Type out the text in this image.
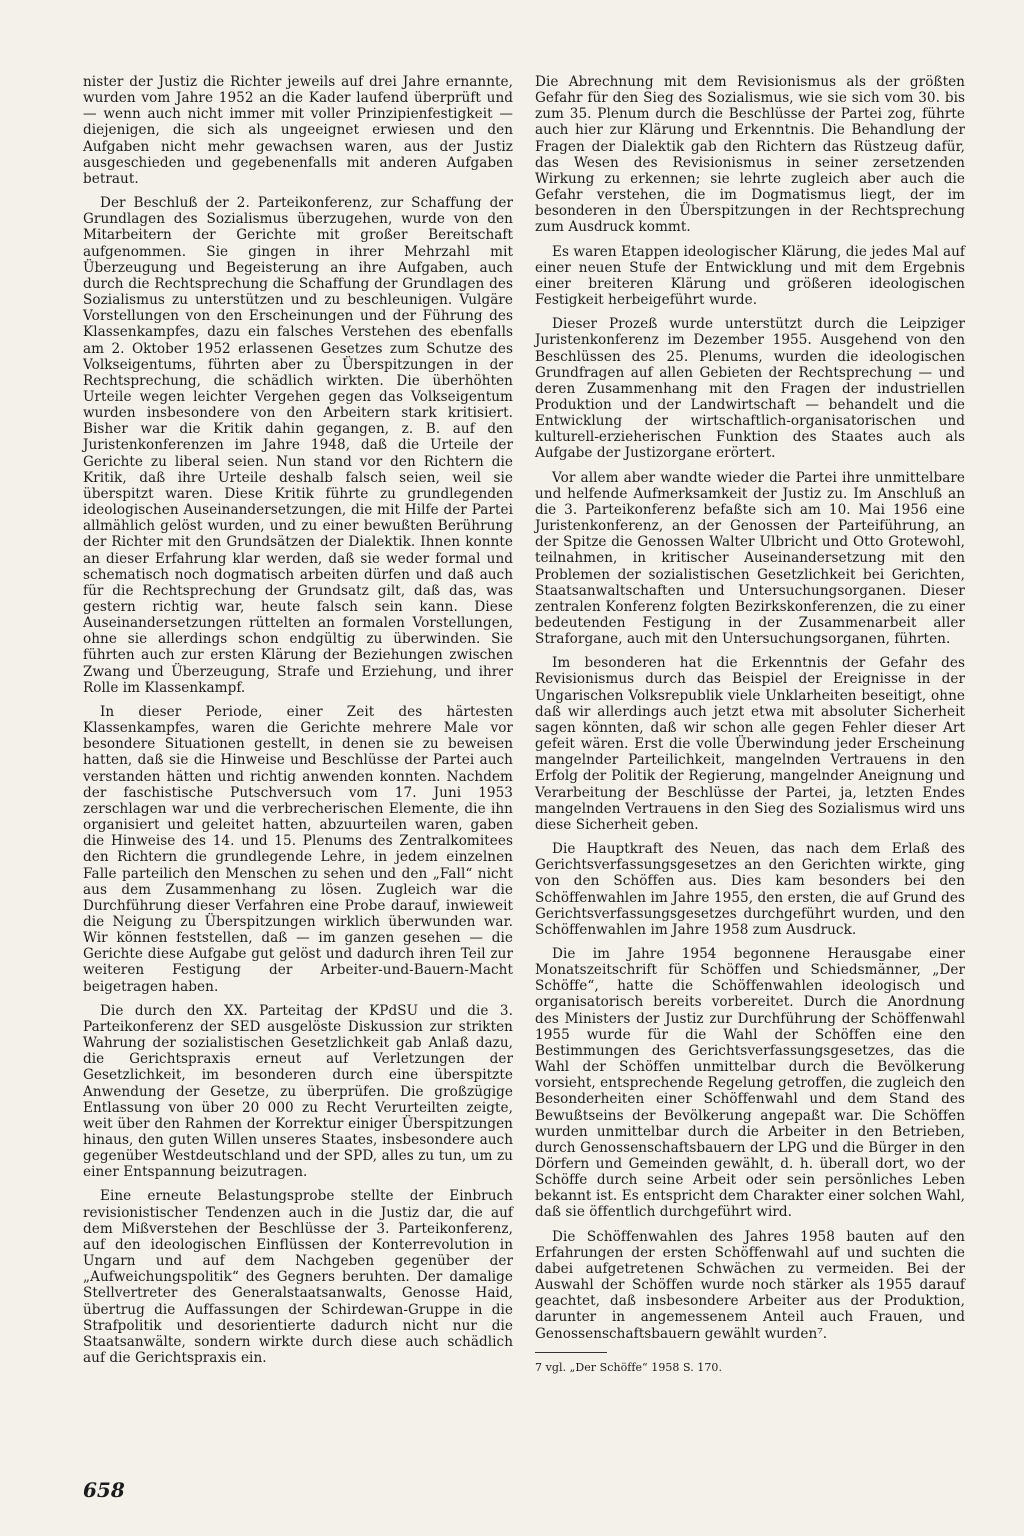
nister der Justiz die Richter jeweils auf drei Jahre ernannte, wurden vom Jahre 1952 an die Kader laufend überprüft und — wenn auch nicht immer mit voller Prinzipienfestigkeit — diejenigen, die sich als ungeeignet erwiesen und den Aufgaben nicht mehr gewachsen waren, aus der Justiz ausgeschieden und gegebenenfalls mit anderen Aufgaben betraut.

Der Beschluß der 2. Parteikonferenz, zur Schaffung der Grundlagen des Sozialismus überzugehen, wurde von den Mitarbeitern der Gerichte mit großer Bereitschaft aufgenommen. Sie gingen in ihrer Mehrzahl mit Überzeugung und Begeisterung an ihre Aufgaben, auch durch die Rechtsprechung die Schaffung der Grundlagen des Sozialismus zu unterstützen und zu beschleunigen. Vulgäre Vorstellungen von den Erscheinungen und der Führung des Klassenkampfes, dazu ein falsches Verstehen des ebenfalls am 2. Oktober 1952 erlassenen Gesetzes zum Schutze des Volkseigentums, führten aber zu Überspitzungen in der Rechtsprechung, die schädlich wirkten. Die überhöhten Urteile wegen leichter Vergehen gegen das Volkseigentum wurden insbesondere von den Arbeitern stark kritisiert. Bisher war die Kritik dahin gegangen, z. B. auf den Juristenkonferenzen im Jahre 1948, daß die Urteile der Gerichte zu liberal seien. Nun stand vor den Richtern die Kritik, daß ihre Urteile deshalb falsch seien, weil sie überspitzt waren. Diese Kritik führte zu grundlegenden ideologischen Auseinandersetzungen, die mit Hilfe der Partei allmählich gelöst wurden, und zu einer bewußten Berührung der Richter mit den Grundsätzen der Dialektik. Ihnen konnte an dieser Erfahrung klar werden, daß sie weder formal und schematisch noch dogmatisch arbeiten dürfen und daß auch für die Rechtsprechung der Grundsatz gilt, daß das, was gestern richtig war, heute falsch sein kann. Diese Auseinandersetzungen rüttelten an formalen Vorstellungen, ohne sie allerdings schon endgültig zu überwinden. Sie führten auch zur ersten Klärung der Beziehungen zwischen Zwang und Überzeugung, Strafe und Erziehung, und ihrer Rolle im Klassenkampf.

In dieser Periode, einer Zeit des härtesten Klassenkampfes, waren die Gerichte mehrere Male vor besondere Situationen gestellt, in denen sie zu beweisen hatten, daß sie die Hinweise und Beschlüsse der Partei auch verstanden hätten und richtig anwenden konnten. Nachdem der faschistische Putschversuch vom 17. Juni 1953 zerschlagen war und die verbrecherischen Elemente, die ihn organisiert und geleitet hatten, abzuurteilen waren, gaben die Hinweise des 14. und 15. Plenums des Zentralkomitees den Richtern die grundlegende Lehre, in jedem einzelnen Falle parteilich den Menschen zu sehen und den „Fall“ nicht aus dem Zusammenhang zu lösen. Zugleich war die Durchführung dieser Verfahren eine Probe darauf, inwieweit die Neigung zu Überspitzungen wirklich überwunden war. Wir können feststellen, daß — im ganzen gesehen — die Gerichte diese Aufgabe gut gelöst und dadurch ihren Teil zur weiteren Festigung der Arbeiter-und-Bauern-Macht beigetragen haben.

Die durch den XX. Parteitag der KPdSU und die 3. Parteikonferenz der SED ausgelöste Diskussion zur strikten Wahrung der sozialistischen Gesetzlichkeit gab Anlaß dazu, die Gerichtspraxis erneut auf Verletzungen der Gesetzlichkeit, im besonderen durch eine überspitzte Anwendung der Gesetze, zu überprüfen. Die großzügige Entlassung von über 20 000 zu Recht Verurteilten zeigte, weit über den Rahmen der Korrektur einiger Überspitzungen hinaus, den guten Willen unseres Staates, insbesondere auch gegenüber Westdeutschland und der SPD, alles zu tun, um zu einer Entspannung beizutragen.

Eine erneute Belastungsprobe stellte der Einbruch revisionistischer Tendenzen auch in die Justiz dar, die auf dem Mißverstehen der Beschlüsse der 3. Parteikonferenz, auf den ideologischen Einflüssen der Konterrevolution in Ungarn und auf dem Nachgeben gegenüber der „Aufweichungspolitik“ des Gegners beruhten. Der damalige Stellvertreter des Generalstaatsanwalts, Genosse Haid, übertrug die Auffassungen der Schirdewan-Gruppe in die Strafpolitik und desorientierte dadurch nicht nur die Staatsanwälte, sondern wirkte durch diese auch schädlich auf die Gerichtspraxis ein.

Die Abrechnung mit dem Revisionismus als der größten Gefahr für den Sieg des Sozialismus, wie sie sich vom 30. bis zum 35. Plenum durch die Beschlüsse der Partei zog, führte auch hier zur Klärung und Erkenntnis. Die Behandlung der Fragen der Dialektik gab den Richtern das Rüstzeug dafür, das Wesen des Revisionismus in seiner zersetzenden Wirkung zu erkennen; sie lehrte zugleich aber auch die Gefahr verstehen, die im Dogmatismus liegt, der im besonderen in den Überspitzungen in der Rechtsprechung zum Ausdruck kommt.

Es waren Etappen ideologischer Klärung, die jedes Mal auf einer neuen Stufe der Entwicklung und mit dem Ergebnis einer breiteren Klärung und größeren ideologischen Festigkeit herbeigeführt wurde.

Dieser Prozeß wurde unterstützt durch die Leipziger Juristenkonferenz im Dezember 1955. Ausgehend von den Beschlüssen des 25. Plenums, wurden die ideologischen Grundfragen auf allen Gebieten der Rechtsprechung — und deren Zusammenhang mit den Fragen der industriellen Produktion und der Landwirtschaft — behandelt und die Entwicklung der wirtschaftlich-organisatorischen und kulturell-erzieherischen Funktion des Staates auch als Aufgabe der Justizorgane erörtert.

Vor allem aber wandte wieder die Partei ihre unmittelbare und helfende Aufmerksamkeit der Justiz zu. Im Anschluß an die 3. Parteikonferenz befaßte sich am 10. Mai 1956 eine Juristenkonferenz, an der Genossen der Parteiführung, an der Spitze die Genossen Walter Ulbricht und Otto Grotewohl, teilnahmen, in kritischer Auseinandersetzung mit den Problemen der sozialistischen Gesetzlichkeit bei Gerichten, Staatsanwaltschaften und Untersuchungsorganen. Dieser zentralen Konferenz folgten Bezirkskonferenzen, die zu einer bedeutenden Festigung in der Zusammenarbeit aller Straforgane, auch mit den Untersuchungsorganen, führten.

Im besonderen hat die Erkenntnis der Gefahr des Revisionismus durch das Beispiel der Ereignisse in der Ungarischen Volksrepublik viele Unklarheiten beseitigt, ohne daß wir allerdings auch jetzt etwa mit absoluter Sicherheit sagen könnten, daß wir schon alle gegen Fehler dieser Art gefeit wären. Erst die volle Überwindung jeder Erscheinung mangelnder Parteilichkeit, mangelnden Vertrauens in den Erfolg der Politik der Regierung, mangelnder Aneignung und Verarbeitung der Beschlüsse der Partei, ja, letzten Endes mangelnden Vertrauens in den Sieg des Sozialismus wird uns diese Sicherheit geben.

Die Hauptkraft des Neuen, das nach dem Erlaß des Gerichtsverfassungsgesetzes an den Gerichten wirkte, ging von den Schöffen aus. Dies kam besonders bei den Schöffenwahlen im Jahre 1955, den ersten, die auf Grund des Gerichtsverfassungsgesetzes durchgeführt wurden, und den Schöffenwahlen im Jahre 1958 zum Ausdruck.

Die im Jahre 1954 begonnene Herausgabe einer Monatszeitschrift für Schöffen und Schiedsmänner, „Der Schöffe“, hatte die Schöffenwahlen ideologisch und organisatorisch bereits vorbereitet. Durch die Anordnung des Ministers der Justiz zur Durchführung der Schöffenwahl 1955 wurde für die Wahl der Schöffen eine den Bestimmungen des Gerichtsverfassungsgesetzes, das die Wahl der Schöffen unmittelbar durch die Bevölkerung vorsieht, entsprechende Regelung getroffen, die zugleich den Besonderheiten einer Schöffenwahl und dem Stand des Bewußtseins der Bevölkerung angepaßt war. Die Schöffen wurden unmittelbar durch die Arbeiter in den Betrieben, durch Genossenschaftsbauern der LPG und die Bürger in den Dörfern und Gemeinden gewählt, d. h. überall dort, wo der Schöffe durch seine Arbeit oder sein persönliches Leben bekannt ist. Es entspricht dem Charakter einer solchen Wahl, daß sie öffentlich durchgeführt wird.

Die Schöffenwahlen des Jahres 1958 bauten auf den Erfahrungen der ersten Schöffenwahl auf und suchten die dabei aufgetretenen Schwächen zu vermeiden. Bei der Auswahl der Schöffen wurde noch stärker als 1955 darauf geachtet, daß insbesondere Arbeiter aus der Produktion, darunter in angemessenem Anteil auch Frauen, und Genossenschaftsbauern gewählt wurden⁷.

7 vgl. „Der Schöffe“ 1958 S. 170.

658
